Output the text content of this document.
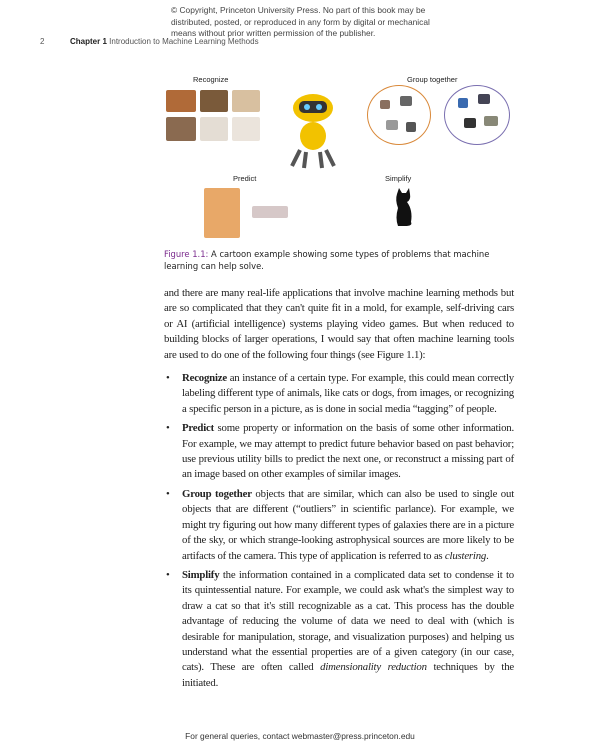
© Copyright, Princeton University Press. No part of this book may be distributed, posted, or reproduced in any form by digital or mechanical means without prior written permission of the publisher.
2	Chapter 1 Introduction to Machine Learning Methods
Recognize	Group together
Predict	Simplify
Figure 1.1: A cartoon example showing some types of problems that machine learning can help solve.

and there are many real-life applications that involve machine learning methods but are so complicated that they can't quite fit in a mold, for example, self-driving cars or AI (artificial intelligence) systems playing video games. But when reduced to building blocks of larger operations, I would say that often machine learning tools are used to do one of the following four things (see Figure 1.1):

• Recognize an instance of a certain type. For example, this could mean correctly labeling different type of animals, like cats or dogs, from images, or recognizing a specific person in a picture, as is done in social media “tagging” of people.
• Predict some property or information on the basis of some other information. For example, we may attempt to predict future behavior based on past behavior; use previous utility bills to predict the next one, or reconstruct a missing part of an image based on other examples of similar images.
• Group together objects that are similar, which can also be used to single out objects that are different (“outliers” in scientific parlance). For example, we might try figuring out how many different types of galaxies there are in a picture of the sky, or which strange-looking astrophysical sources are more likely to be artifacts of the camera. This type of application is referred to as clustering.
• Simplify the information contained in a complicated data set to condense it to its quintessential nature. For example, we could ask what's the simplest way to draw a cat so that it's still recognizable as a cat. This process has the double advantage of reducing the volume of data we need to deal with (which is desirable for manipulation, storage, and visualization purposes) and helping us understand what the essential properties are of a given category (in our case, cats). These are often called dimensionality reduction techniques by the initiated.
For general queries, contact webmaster@press.princeton.edu
